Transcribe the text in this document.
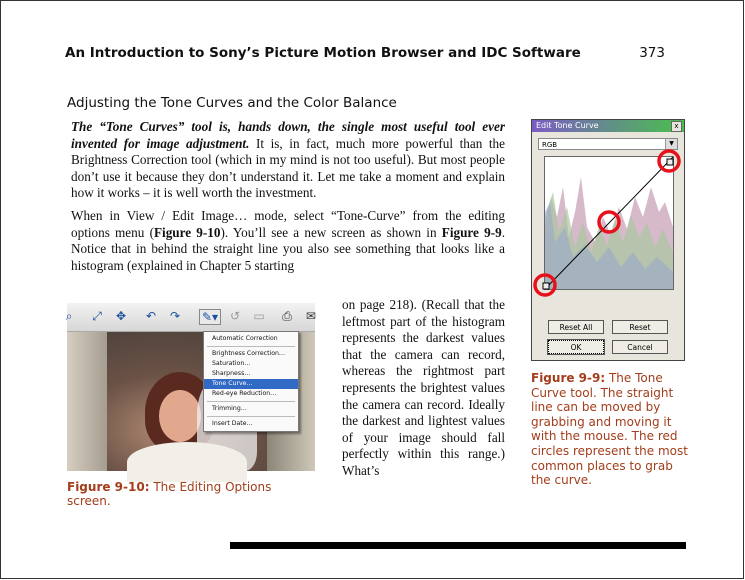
An Introduction to Sony’s Picture Motion Browser and IDC Software	373
Adjusting the Tone Curves and the Color Balance

The “Tone Curves” tool is, hands down, the single most useful tool ever invented for image adjustment. It is, in fact, much more powerful than the Brightness Correction tool (which in my mind is not too useful). But most people don’t use it because they don’t understand it. Let me take a moment and explain how it works – it is well worth the investment.

When in View / Edit Image… mode, select “Tone-Curve” from the editing options menu (Figure 9-10). You’ll see a new screen as shown in Figure 9-9. Notice that in behind the straight line you also see something that looks like a histogram (explained in Chapter 5 starting

on page 218). (Recall that the leftmost part of the histogram represents the darkest values that the camera can record, whereas the rightmost part represents the brightest values the camera can record. Ideally the darkest and lightest values of your image should fall perfectly within this range.) What’s
⌕	⤢ ✥ ↶ ↷ ✎▾ ↺ ▭ ⎙ ✉
Automatic Correction
Brightness Correction…
Saturation…
Sharpness…
Tone Curve…
Red-eye Reduction…
Trimming…
Insert Date…
Figure 9-10: The Editing Options screen.
Edit Tone Curve	x
RGB	▼
Reset All	Reset
OK	Cancel
Figure 9-9: The Tone Curve tool. The straight line can be moved by grabbing and moving it with the mouse. The red circles represent the most common places to grab the curve.
